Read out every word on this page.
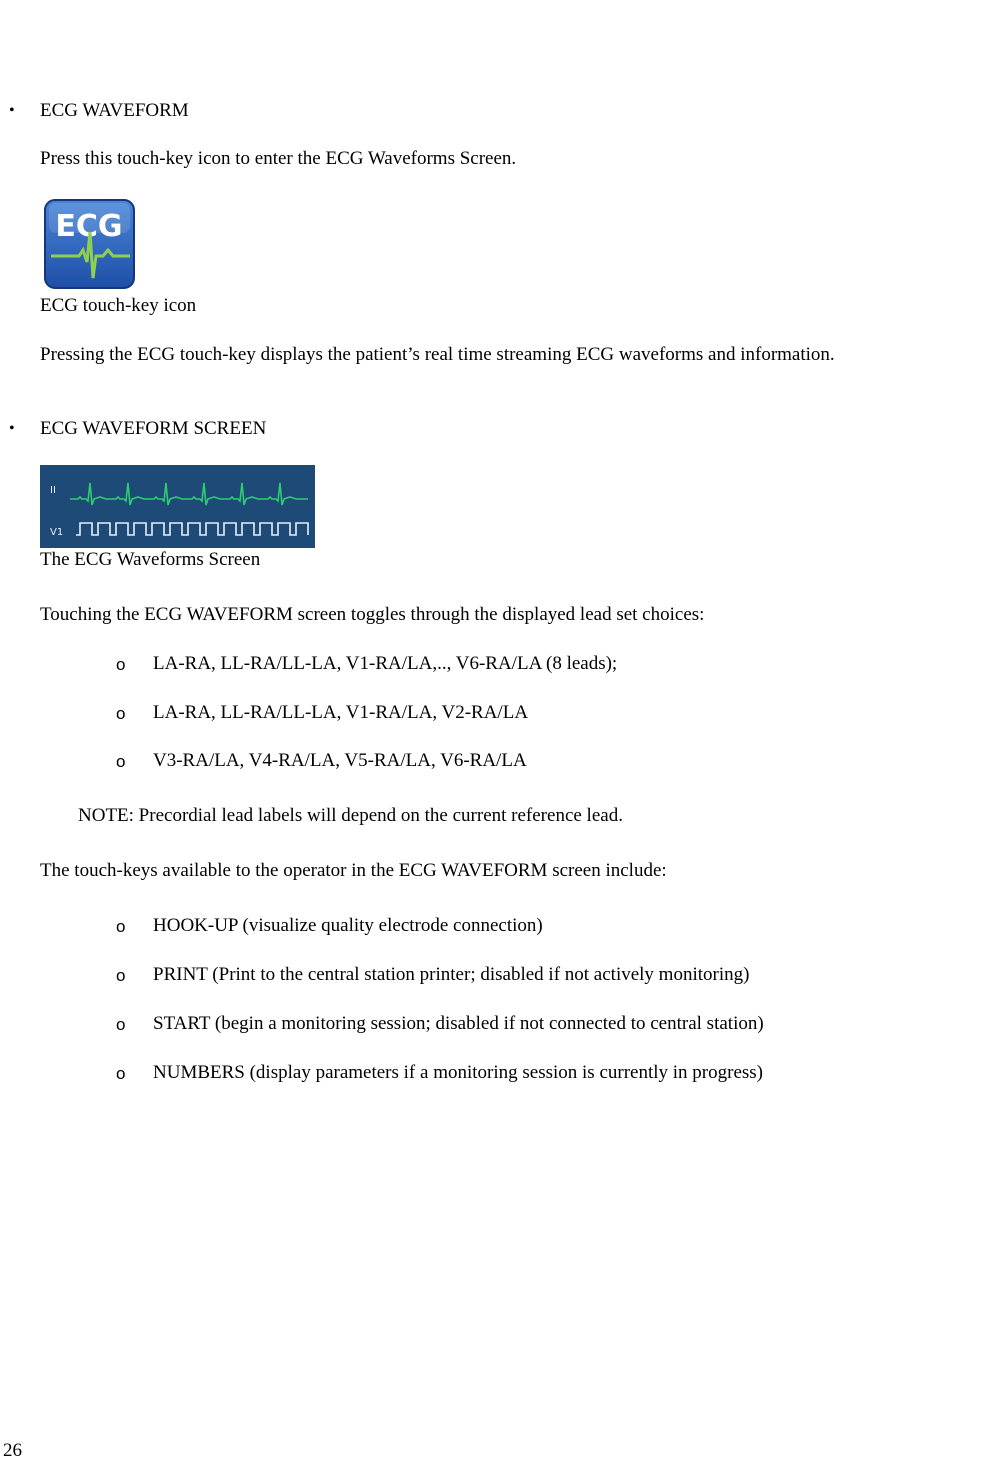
• ECG WAVEFORM
Press this touch-key icon to enter the ECG Waveforms Screen.
ECG
ECG touch-key icon
Pressing the ECG touch-key displays the patient’s real time streaming ECG waveforms and information.
• ECG WAVEFORM SCREEN
II
V1
The ECG Waveforms Screen
Touching the ECG WAVEFORM screen toggles through the displayed lead set choices:
o LA-RA, LL-RA/LL-LA, V1-RA/LA,.., V6-RA/LA (8 leads);
o LA-RA, LL-RA/LL-LA, V1-RA/LA, V2-RA/LA
o V3-RA/LA, V4-RA/LA, V5-RA/LA, V6-RA/LA
NOTE: Precordial lead labels will depend on the current reference lead.
The touch-keys available to the operator in the ECG WAVEFORM screen include:
o HOOK-UP (visualize quality electrode connection)
o PRINT (Print to the central station printer; disabled if not actively monitoring)
o START (begin a monitoring session; disabled if not connected to central station)
o NUMBERS (display parameters if a monitoring session is currently in progress)
26
